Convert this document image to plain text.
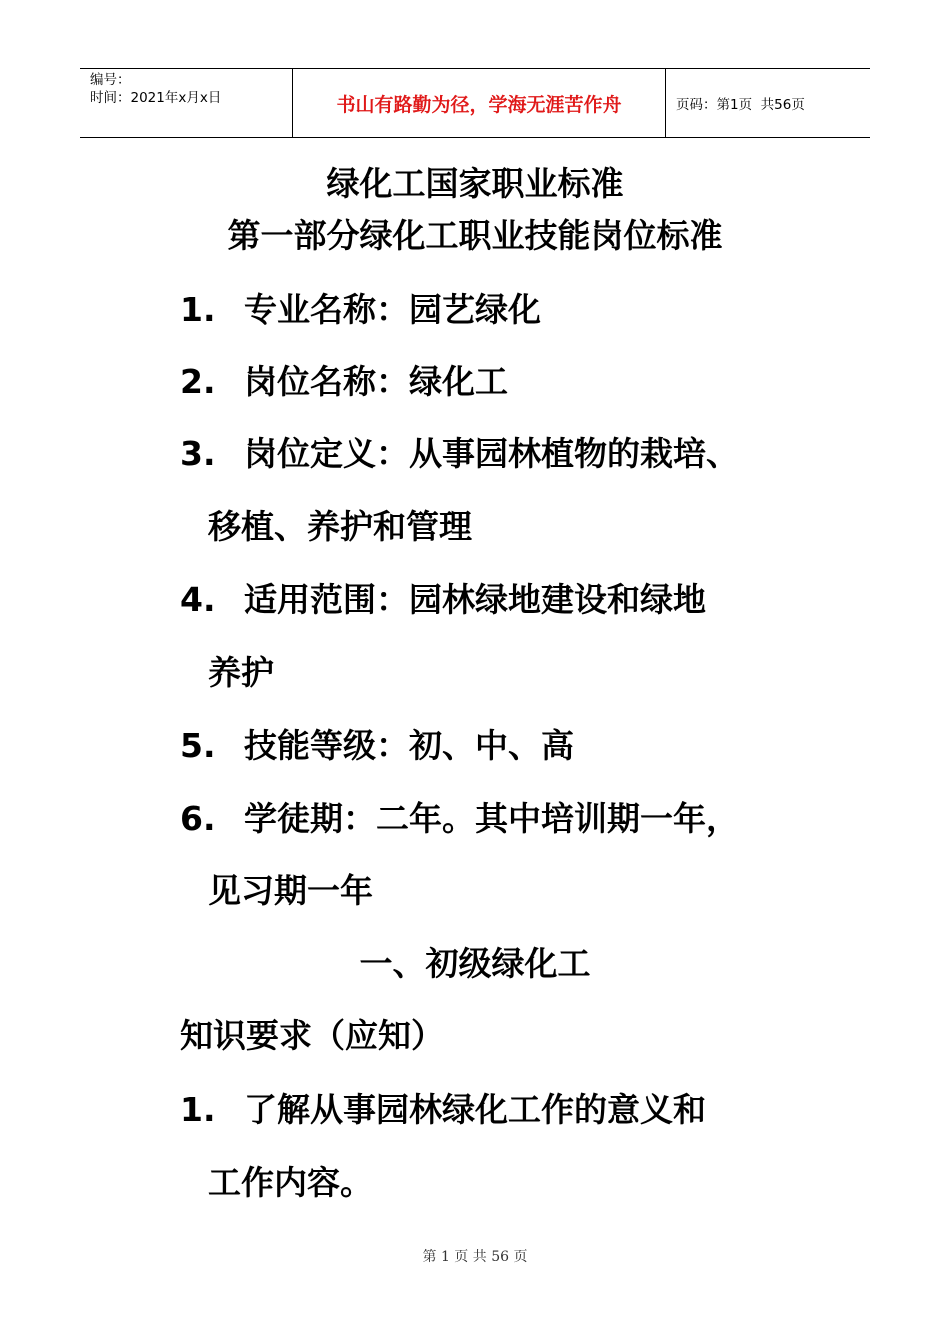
编号：
时间：2021年x月x日	书山有路勤为径，学海无涯苦作舟	页码：第1页  共56页
绿化工国家职业标准
第一部分绿化工职业技能岗位标准
1. 专业名称：园艺绿化
2. 岗位名称：绿化工
3. 岗位定义：从事园林植物的栽培、
移植、养护和管理
4. 适用范围：园林绿地建设和绿地
养护
5. 技能等级：初、中、高
6. 学徒期：二年。其中培训期一年，
见习期一年
一、初级绿化工
知识要求（应知）
1. 了解从事园林绿化工作的意义和
工作内容。
第 1 页 共 56 页
